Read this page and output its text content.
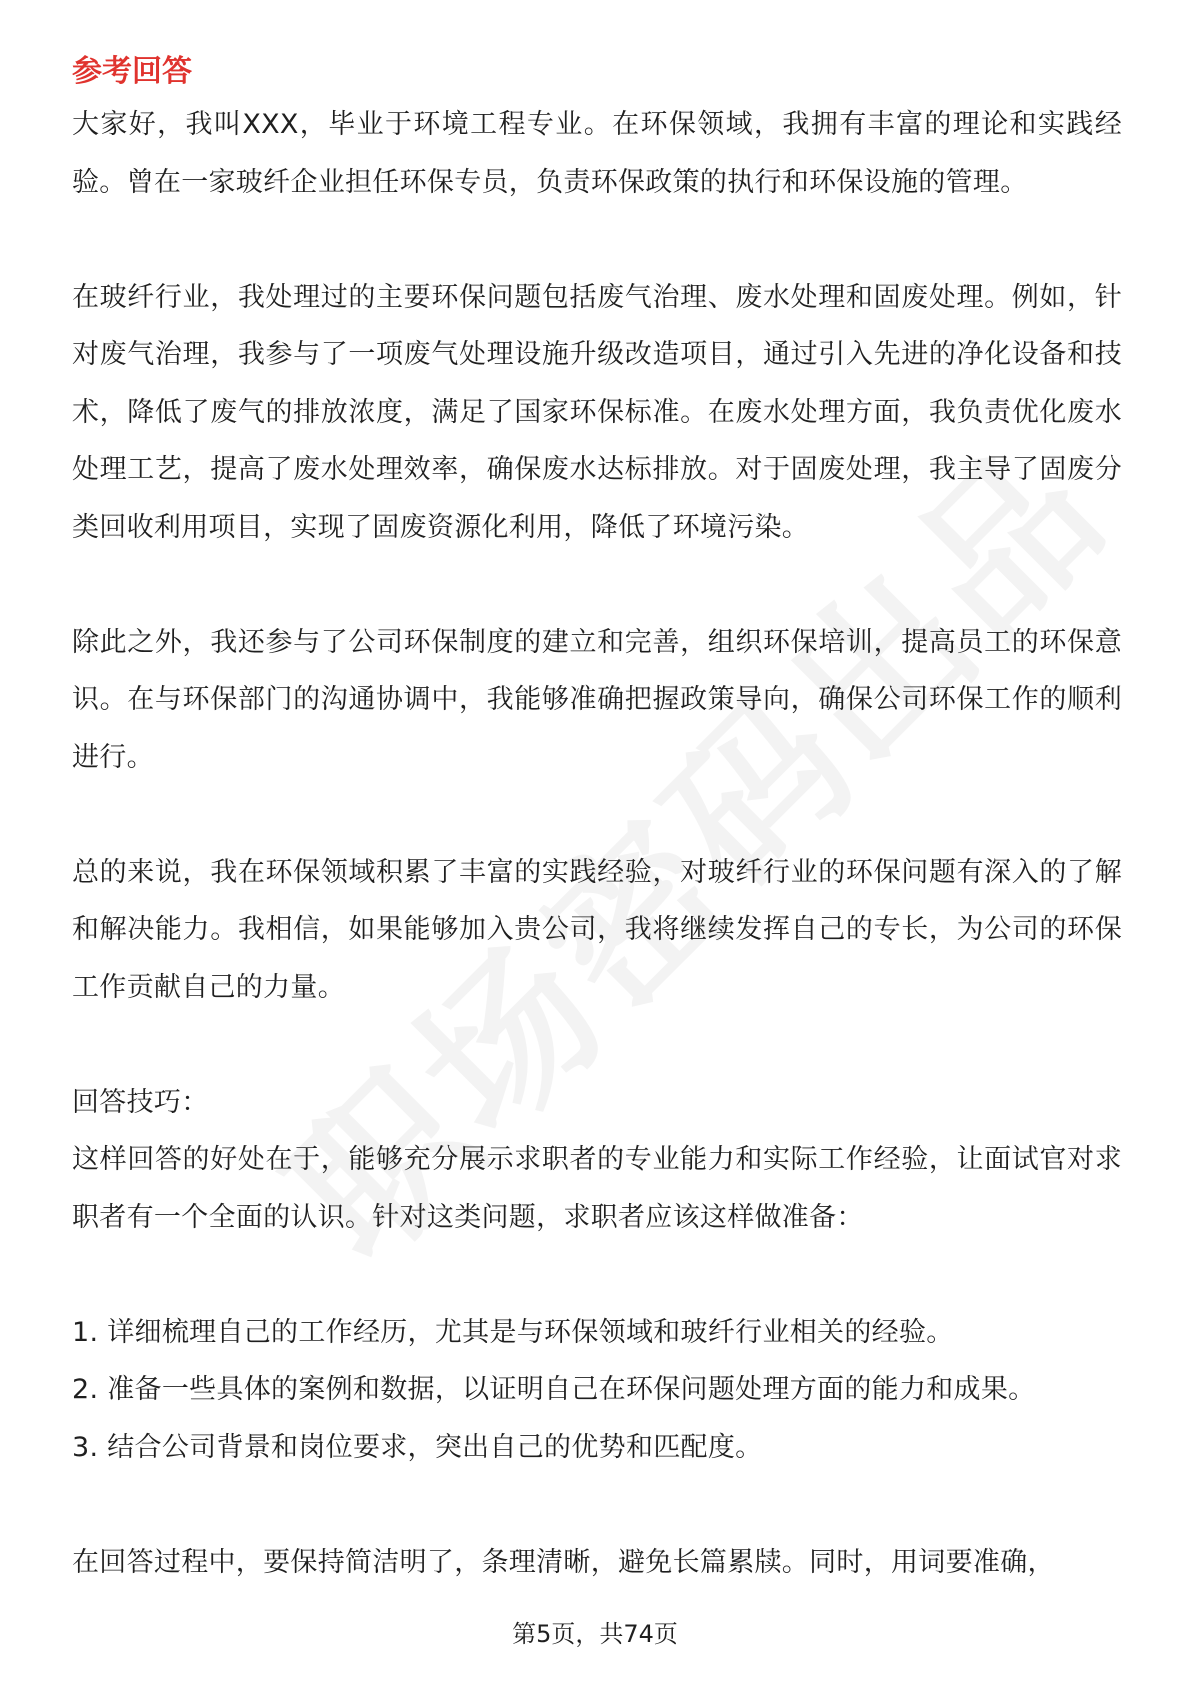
参考回答

大家好，我叫XXX，毕业于环境工程专业。在环保领域，我拥有丰富的理论和实践经验。曾在一家玻纤企业担任环保专员，负责环保政策的执行和环保设施的管理。

在玻纤行业，我处理过的主要环保问题包括废气治理、废水处理和固废处理。例如，针对废气治理，我参与了一项废气处理设施升级改造项目，通过引入先进的净化设备和技术，降低了废气的排放浓度，满足了国家环保标准。在废水处理方面，我负责优化废水处理工艺，提高了废水处理效率，确保废水达标排放。对于固废处理，我主导了固废分类回收利用项目，实现了固废资源化利用，降低了环境污染。

除此之外，我还参与了公司环保制度的建立和完善，组织环保培训，提高员工的环保意识。在与环保部门的沟通协调中，我能够准确把握政策导向，确保公司环保工作的顺利进行。

总的来说，我在环保领域积累了丰富的实践经验，对玻纤行业的环保问题有深入的了解和解决能力。我相信，如果能够加入贵公司，我将继续发挥自己的专长，为公司的环保工作贡献自己的力量。

回答技巧：

这样回答的好处在于，能够充分展示求职者的专业能力和实际工作经验，让面试官对求职者有一个全面的认识。针对这类问题，求职者应该这样做准备：

1. 详细梳理自己的工作经历，尤其是与环保领域和玻纤行业相关的经验。

2. 准备一些具体的案例和数据，以证明自己在环保问题处理方面的能力和成果。

3. 结合公司背景和岗位要求，突出自己的优势和匹配度。

在回答过程中，要保持简洁明了，条理清晰，避免长篇累牍。同时，用词要准确，

第5页，共74页
